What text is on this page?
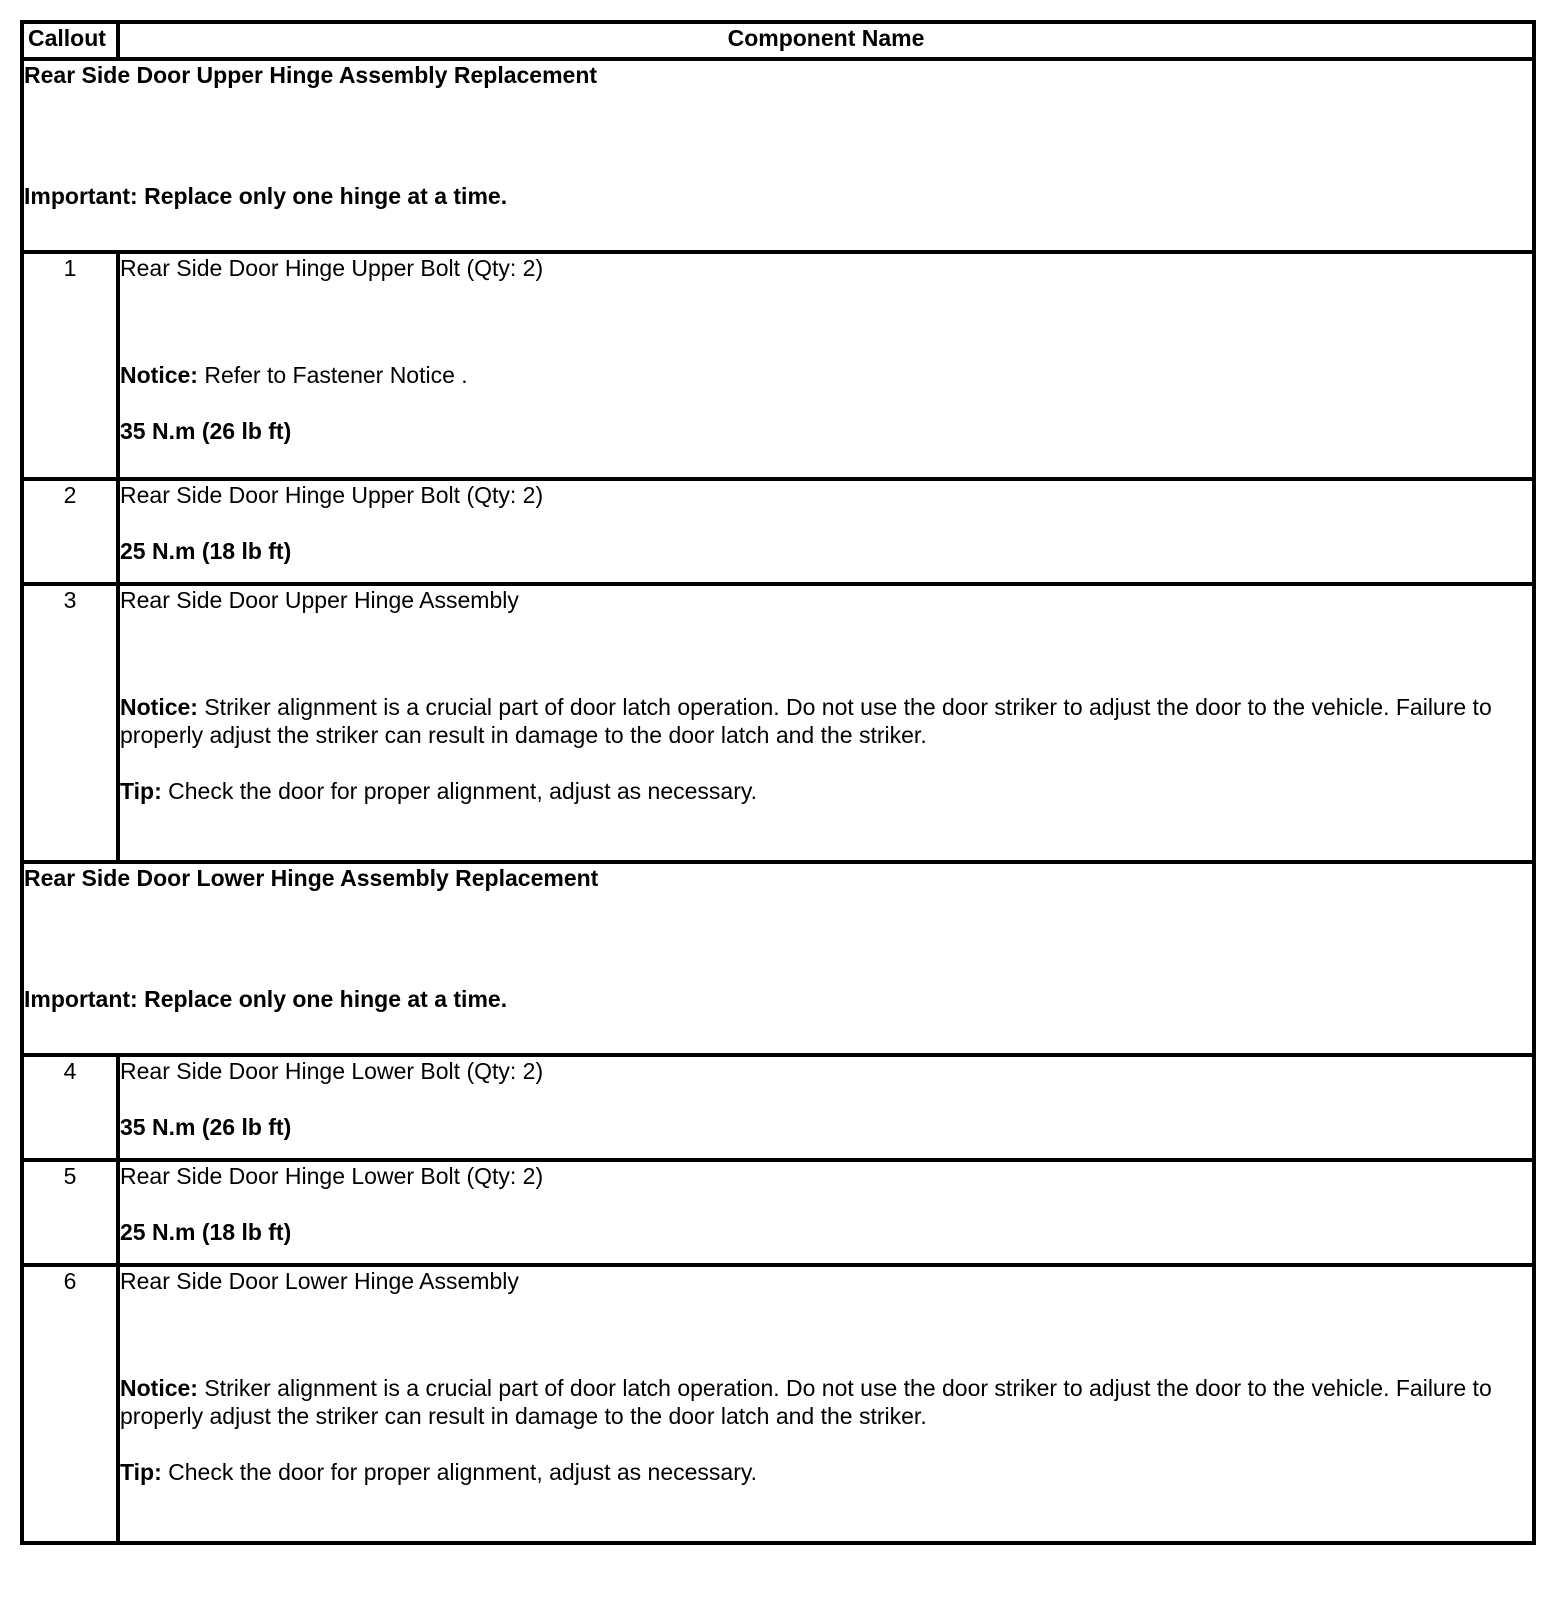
Callout	Component Name

Rear Side Door Upper Hinge Assembly Replacement
Important: Replace only one hinge at a time.	

1	Rear Side Door Hinge Upper Bolt (Qty: 2)
Notice: Refer to Fastener Notice .
35 N.m (26 lb ft)

2	Rear Side Door Hinge Upper Bolt (Qty: 2)
25 N.m (18 lb ft)

3	Rear Side Door Upper Hinge Assembly
Notice: Striker alignment is a crucial part of door latch operation. Do not use the door striker to adjust the door to the vehicle. Failure to properly adjust the striker can result in damage to the door latch and the striker.
Tip: Check the door for proper alignment, adjust as necessary.

Rear Side Door Lower Hinge Assembly Replacement
Important: Replace only one hinge at a time.	

4	Rear Side Door Hinge Lower Bolt (Qty: 2)
35 N.m (26 lb ft)

5	Rear Side Door Hinge Lower Bolt (Qty: 2)
25 N.m (18 lb ft)

6	Rear Side Door Lower Hinge Assembly
Notice: Striker alignment is a crucial part of door latch operation. Do not use the door striker to adjust the door to the vehicle. Failure to properly adjust the striker can result in damage to the door latch and the striker.
Tip: Check the door for proper alignment, adjust as necessary.
